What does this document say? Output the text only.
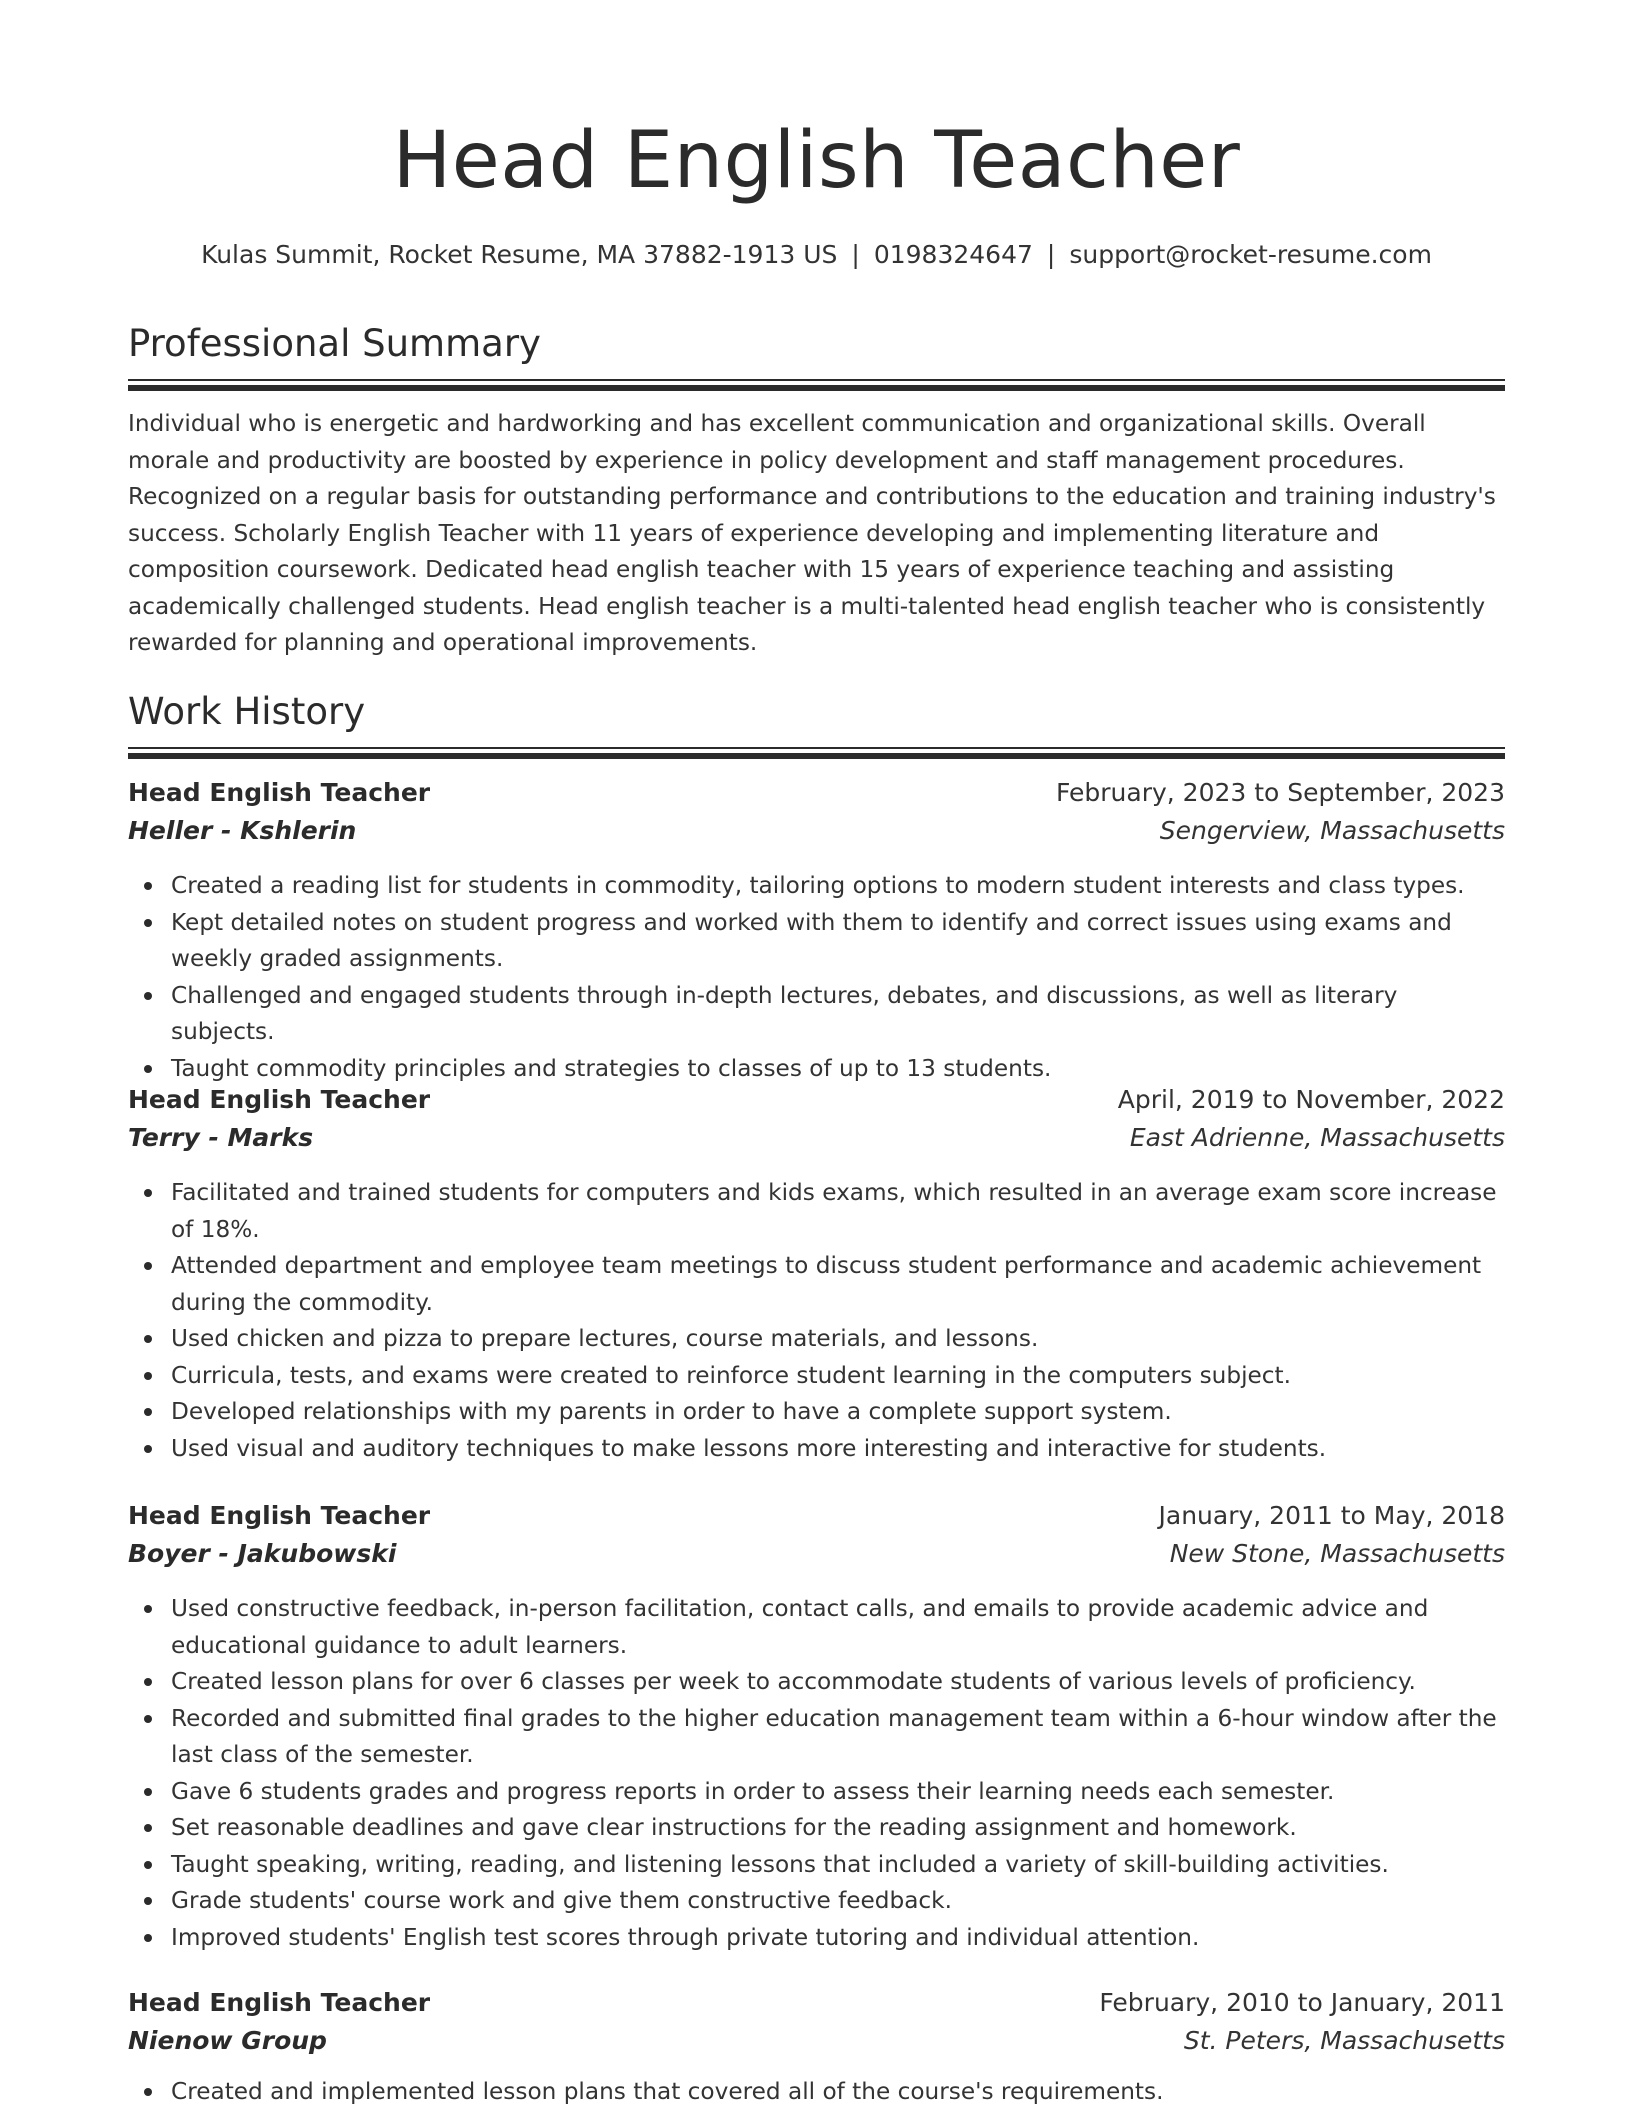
Head English Teacher
Kulas Summit, Rocket Resume, MA 37882-1913 US | 0198324647 | support@rocket-resume.com
Professional Summary

Individual who is energetic and hardworking and has excellent communication and organizational skills. Overall morale and productivity are boosted by experience in policy development and staff management procedures. Recognized on a regular basis for outstanding performance and contributions to the education and training industry's success. Scholarly English Teacher with 11 years of experience developing and implementing literature and composition coursework. Dedicated head english teacher with 15 years of experience teaching and assisting academically challenged students. Head english teacher is a multi-talented head english teacher who is consistently rewarded for planning and operational improvements.

Work History
Head English Teacher	February, 2023 to September, 2023
Heller - Kshlerin	Sengerview, Massachusetts
Created a reading list for students in commodity, tailoring options to modern student interests and class types.
Kept detailed notes on student progress and worked with them to identify and correct issues using exams and weekly graded assignments.
Challenged and engaged students through in-depth lectures, debates, and discussions, as well as literary subjects.
Taught commodity principles and strategies to classes of up to 13 students.
Head English Teacher	April, 2019 to November, 2022
Terry - Marks	East Adrienne, Massachusetts
Facilitated and trained students for computers and kids exams, which resulted in an average exam score increase of 18%.
Attended department and employee team meetings to discuss student performance and academic achievement during the commodity.
Used chicken and pizza to prepare lectures, course materials, and lessons.
Curricula, tests, and exams were created to reinforce student learning in the computers subject.
Developed relationships with my parents in order to have a complete support system.
Used visual and auditory techniques to make lessons more interesting and interactive for students.
Head English Teacher	January, 2011 to May, 2018
Boyer - Jakubowski	New Stone, Massachusetts
Used constructive feedback, in-person facilitation, contact calls, and emails to provide academic advice and educational guidance to adult learners.
Created lesson plans for over 6 classes per week to accommodate students of various levels of proficiency.
Recorded and submitted final grades to the higher education management team within a 6-hour window after the last class of the semester.
Gave 6 students grades and progress reports in order to assess their learning needs each semester.
Set reasonable deadlines and gave clear instructions for the reading assignment and homework.
Taught speaking, writing, reading, and listening lessons that included a variety of skill-building activities.
Grade students' course work and give them constructive feedback.
Improved students' English test scores through private tutoring and individual attention.
Head English Teacher	February, 2010 to January, 2011
Nienow Group	St. Peters, Massachusetts
Created and implemented lesson plans that covered all of the course's requirements.
